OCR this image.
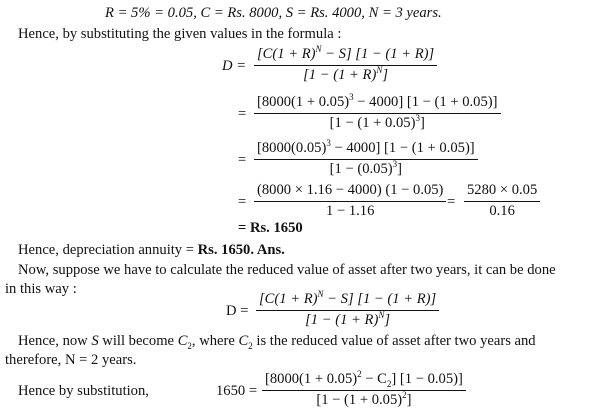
R = 5% = 0.05, C = Rs. 8000, S = Rs. 4000, N = 3 years.
Hence, by substituting the given values in the formula :
$D = \frac{[C(1 + R)^N - S] [1 - (1 + R)]}{[1 - (1 + R)^N]}$
= $\frac{[8000(1 + 0.05)^3 - 4000] [1 - (1 + 0.05)]}{[1 - (1 + 0.05)^3]}$
= $\frac{[8000(0.05)^3 - 4000] [1 - (1 + 0.05)]}{[1 - (0.05)^3]}$
= $\frac{(8000 \times 1.16 - 4000) (1 - 0.05)}{1 - 1.16} = \frac{5280 \times 0.05}{0.16}$
= Rs. 1650
Hence, depreciation annuity = Rs. 1650. Ans.
Now, suppose we have to calculate the reduced value of asset after two years, it can be done
in this way :
$D = \frac{[C(1 + R)^N - S] [1 - (1 + R)]}{[1 - (1 + R)^N]}$
Hence, now S will become $C_2$, where $C_2$ is the reduced value of asset after two years and
therefore, N = 2 years.
Hence by substitution,	$1650 = \frac{[8000(1 + 0.05)^2 - C_2] [1 - 0.05)]}{[1 - (1 + 0.05)^2]}$
